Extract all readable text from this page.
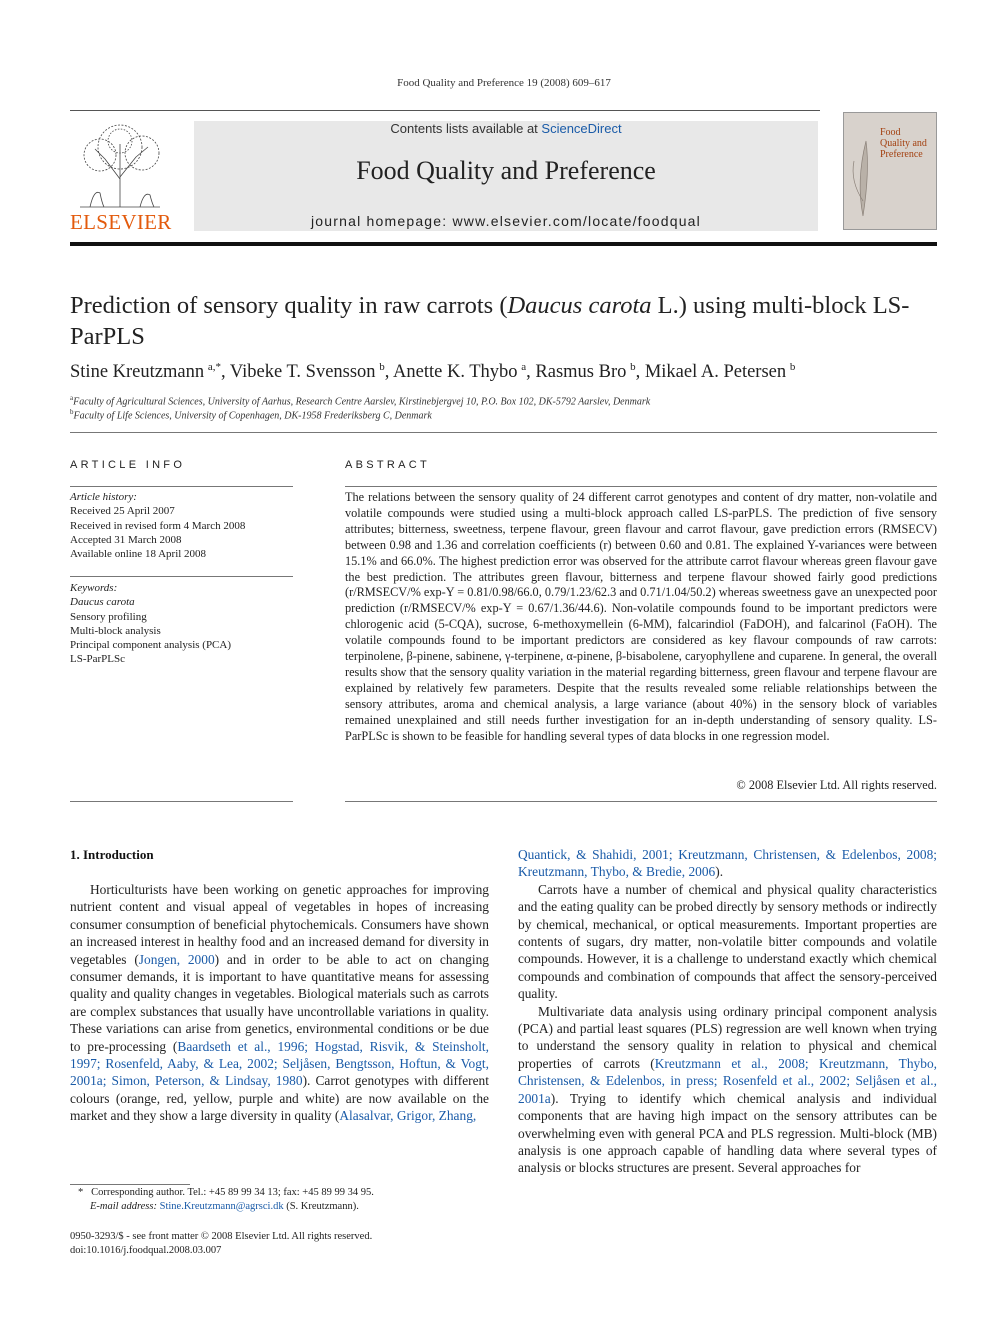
Food Quality and Preference 19 (2008) 609–617
ELSEVIER
Contents lists available at ScienceDirect
Food Quality and Preference
journal homepage: www.elsevier.com/locate/foodqual
Food
Quality and
Preference
Prediction of sensory quality in raw carrots (Daucus carota L.) using multi-block LS-ParPLS
Stine Kreutzmann  $^{a,*}$, Vibeke T. Svensson  $^b$, Anette K. Thybo  $^a$, Rasmus Bro  $^b$, Mikael A. Petersen  $^b$
$^a$Faculty of Agricultural Sciences, University of Aarhus, Research Centre Aarslev, Kirstinebjergvej 10, P.O. Box 102, DK-5792 Aarslev, Denmark
$^b$Faculty of Life Sciences, University of Copenhagen, DK-1958 Frederiksberg C, Denmark
ARTICLE INFO
Article history:
Received 25 April 2007
Received in revised form 4 March 2008
Accepted 31 March 2008
Available online 18 April 2008
Keywords:
Daucus carota
Sensory profiling
Multi-block analysis
Principal component analysis (PCA)
LS-ParPLSc
ABSTRACT
The relations between the sensory quality of 24 different carrot genotypes and content of dry matter, non-volatile and volatile compounds were studied using a multi-block approach called LS-parPLS. The prediction of five sensory attributes; bitterness, sweetness, terpene flavour, green flavour and carrot flavour, gave prediction errors (RMSECV) between 0.98 and 1.36 and correlation coefficients (r) between 0.60 and 0.81. The explained Y-variances were between 15.1% and 66.0%. The highest prediction error was observed for the attribute carrot flavour whereas green flavour gave the best prediction. The attributes green flavour, bitterness and terpene flavour showed fairly good predictions (r/RMSECV/% exp-Y = 0.81/0.98/66.0, 0.79/1.23/62.3 and 0.71/1.04/50.2) whereas sweetness gave an unexpected poor prediction (r/RMSECV/% exp-Y = 0.67/1.36/44.6). Non-volatile compounds found to be important predictors were chlorogenic acid (5-CQA), sucrose, 6-methoxymellein (6-MM), falcarindiol (FaDOH), and falcarinol (FaOH). The volatile compounds found to be important predictors are considered as key flavour compounds of raw carrots: terpinolene, β-pinene, sabinene, γ-terpinene, α-pinene, β-bisabolene, caryophyllene and cuparene. In general, the overall results show that the sensory quality variation in the material regarding bitterness, green flavour and terpene flavour are explained by relatively few parameters. Despite that the results revealed some reliable relationships between the sensory attributes, aroma and chemical analysis, a large variance (about 40%) in the sensory block of variables remained unexplained and still needs further investigation for an in-depth understanding of sensory quality. LS-ParPLSc is shown to be feasible for handling several types of data blocks in one regression model.
© 2008 Elsevier Ltd. All rights reserved.
1. Introduction

Horticulturists have been working on genetic approaches for improving nutrient content and visual appeal of vegetables in hopes of increasing consumer consumption of beneficial phytochemicals. Consumers have shown an increased interest in healthy food and an increased demand for diversity in vegetables (Jongen, 2000) and in order to be able to act on changing consumer demands, it is important to have quantitative means for assessing quality and quality changes in vegetables. Biological materials such as carrots are complex substances that usually have uncontrollable variations in quality. These variations can arise from genetics, environmental conditions or be due to pre-processing (Baardseth et al., 1996; Hogstad, Risvik, & Steinsholt, 1997; Rosenfeld, Aaby, & Lea, 2002; Seljåsen, Bengtsson, Hoftun, & Vogt, 2001a; Simon, Peterson, & Lindsay, 1980). Carrot genotypes with different colours (orange, red, yellow, purple and white) are now available on the market and they show a large diversity in quality (Alasalvar, Grigor, Zhang,

Quantick, & Shahidi, 2001; Kreutzmann, Christensen, & Edelenbos, 2008; Kreutzmann, Thybo, & Bredie, 2006).

Carrots have a number of chemical and physical quality characteristics and the eating quality can be probed directly by sensory methods or indirectly by chemical, mechanical, or optical measurements. Important properties are contents of sugars, dry matter, non-volatile bitter compounds and volatile compounds. However, it is a challenge to understand exactly which chemical compounds and combination of compounds that affect the sensory-perceived quality.

Multivariate data analysis using ordinary principal component analysis (PCA) and partial least squares (PLS) regression are well known when trying to understand the sensory quality in relation to physical and chemical properties of carrots (Kreutzmann et al., 2008; Kreutzmann, Thybo, Christensen, & Edelenbos, in press; Rosenfeld et al., 2002; Seljåsen et al., 2001a). Trying to identify which chemical analysis and individual components that are having high impact on the sensory attributes can be overwhelming even with general PCA and PLS regression. Multi-block (MB) analysis is one approach capable of handling data where several types of analysis or blocks structures are present. Several approaches for

* Corresponding author. Tel.: +45 89 99 34 13; fax: +45 89 99 34 95.
E-mail address: Stine.Kreutzmann@agrsci.dk (S. Kreutzmann).
0950-3293/$ - see front matter © 2008 Elsevier Ltd. All rights reserved.
doi:10.1016/j.foodqual.2008.03.007
